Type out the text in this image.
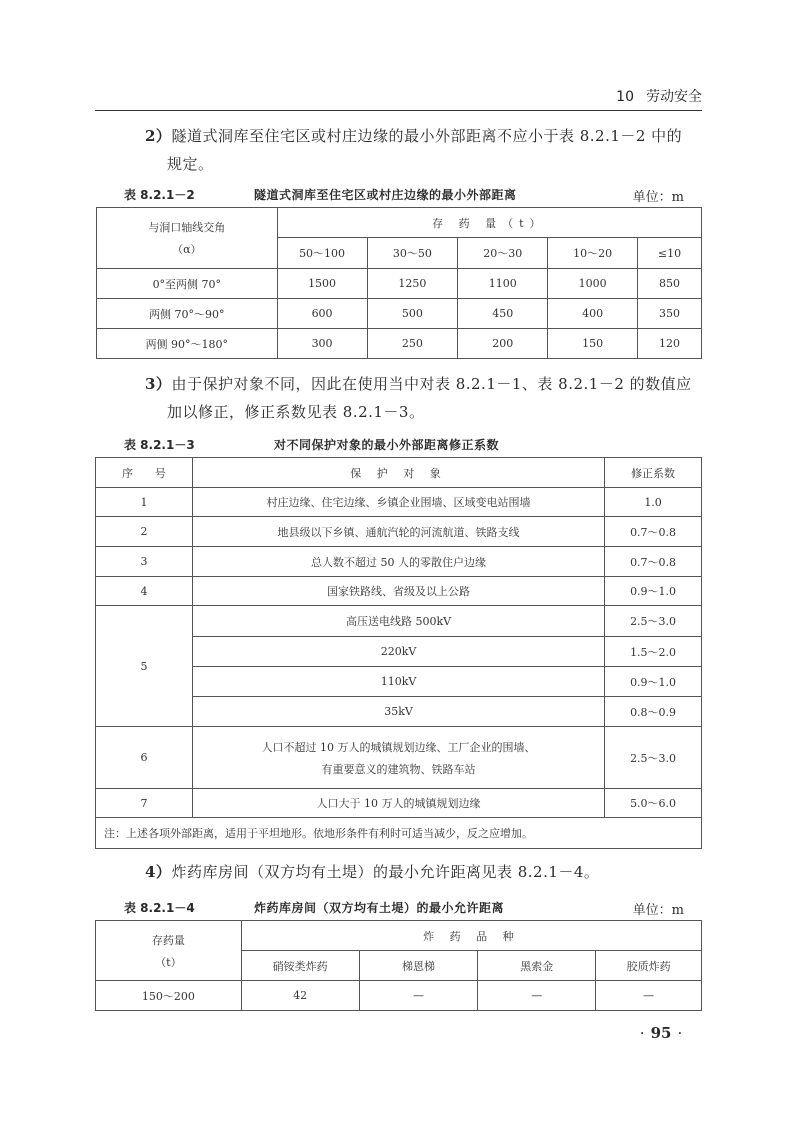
10 劳动安全
2）隧道式洞库至住宅区或村庄边缘的最小外部距离不应小于表 8.2.1－2 中的
规定。
表 8.2.1－2	隧道式洞库至住宅区或村庄边缘的最小外部距离	单位：m
与洞口轴线交角
（α）	存 药 量（t）				
	50～100	30～50	20～30	10～20	≤10
0°至两侧 70°	1500	1250	1100	1000	850
两侧 70°～90°	600	500	450	400	350
两侧 90°～180°	300	250	200	150	120
3）由于保护对象不同，因此在使用当中对表 8.2.1－1、表 8.2.1－2 的数值应
加以修正，修正系数见表 8.2.1－3。
表 8.2.1－3	对不同保护对象的最小外部距离修正系数
序　　号	保 护 对 象	修正系数
1	村庄边缘、住宅边缘、乡镇企业围墙、区域变电站围墙	1.0
2	地县级以下乡镇、通航汽轮的河流航道、铁路支线	0.7～0.8
3	总人数不超过 50 人的零散住户边缘	0.7～0.8
4	国家铁路线、省级及以上公路	0.9～1.0
5	高压送电线路 500kV	2.5～3.0
	220kV	1.5～2.0
	110kV	0.9～1.0
	35kV	0.8～0.9
6	人口不超过 10 万人的城镇规划边缘、工厂企业的围墙、
有重要意义的建筑物、铁路车站	2.5～3.0
7	人口大于 10 万人的城镇规划边缘	5.0～6.0
注：上述各项外部距离，适用于平坦地形。依地形条件有利时可适当减少，反之应增加。		
4）炸药库房间（双方均有土堤）的最小允许距离见表 8.2.1－4。
表 8.2.1－4	炸药库房间（双方均有土堤）的最小允许距离	单位：m
存药量
（t）	炸 药 品 种			
	硝铵类炸药	梯恩梯	黑索金	胶质炸药
150～200	42	—	—	—
· 95 ·
